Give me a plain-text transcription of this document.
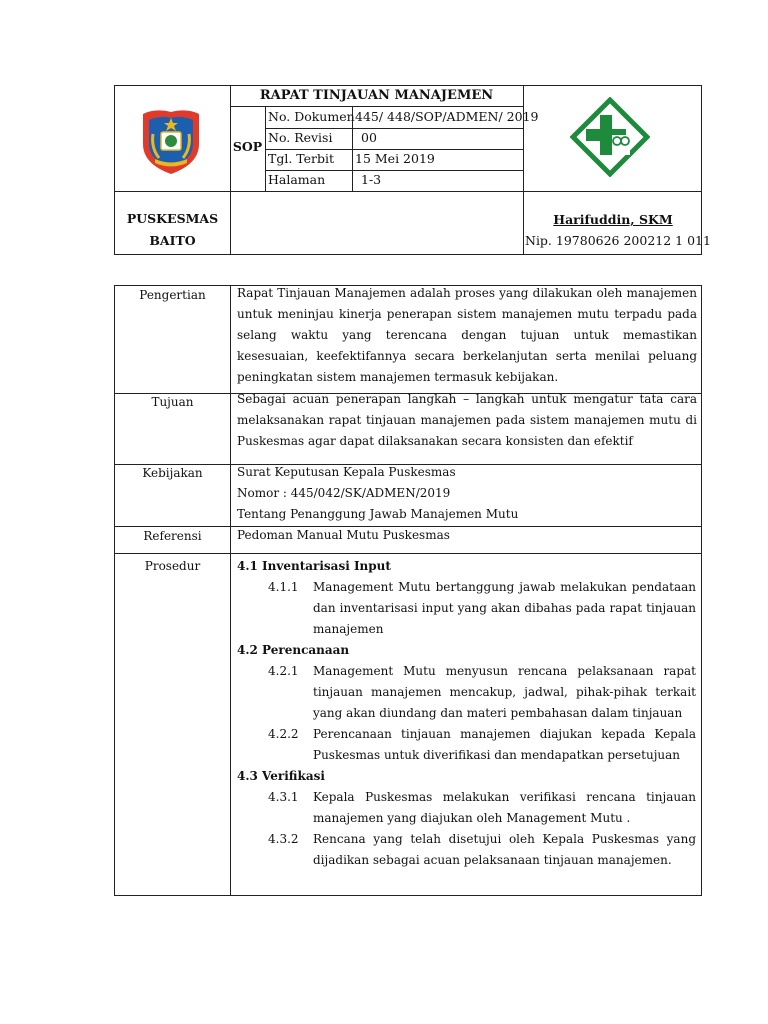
RAPAT TINJAUAN MANAJEMEN
SOP
No. Dokumen 445/ 448/SOP/ADMEN/ 2019
No. Revisi 00
Tgl. Terbit 15 Mei 2019
Halaman	1-3
PUSKESMAS
BAITO
Harifuddin, SKM
Nip. 19780626 200212 1 011
Pengertian	Rapat Tinjauan Manajemen adalah proses yang dilakukan oleh manajemen untuk meninjau kinerja penerapan sistem manajemen mutu terpadu pada selang waktu yang terencana dengan tujuan untuk memastikan kesesuaian, keefektifannya secara berkelanjutan serta menilai peluang peningkatan sistem manajemen termasuk kebijakan.
Tujuan	Sebagai acuan penerapan langkah – langkah untuk mengatur tata cara melaksanakan rapat tinjauan manajemen pada sistem manajemen mutu di Puskesmas agar dapat dilaksanakan secara konsisten dan efektif
Kebijakan	Surat Keputusan Kepala Puskesmas
Nomor : 445/042/SK/ADMEN/2019
Tentang Penanggung Jawab Manajemen Mutu
Referensi	Pedoman Manual Mutu Puskesmas
Prosedur	4.1 Inventarisasi Input
4.1.1 Management Mutu bertanggung jawab melakukan pendataan dan inventarisasi input yang akan dibahas pada rapat tinjauan manajemen
4.2 Perencanaan
4.2.1 Management Mutu menyusun rencana pelaksanaan rapat tinjauan manajemen mencakup, jadwal, pihak-pihak terkait yang akan diundang dan materi pembahasan dalam tinjauan
4.2.2 Perencanaan tinjauan manajemen diajukan kepada Kepala Puskesmas untuk diverifikasi dan mendapatkan persetujuan
4.3 Verifikasi
4.3.1 Kepala Puskesmas melakukan verifikasi rencana tinjauan manajemen yang diajukan oleh Management Mutu .
4.3.2 Rencana yang telah disetujui oleh Kepala Puskesmas yang dijadikan sebagai acuan pelaksanaan tinjauan manajemen.
